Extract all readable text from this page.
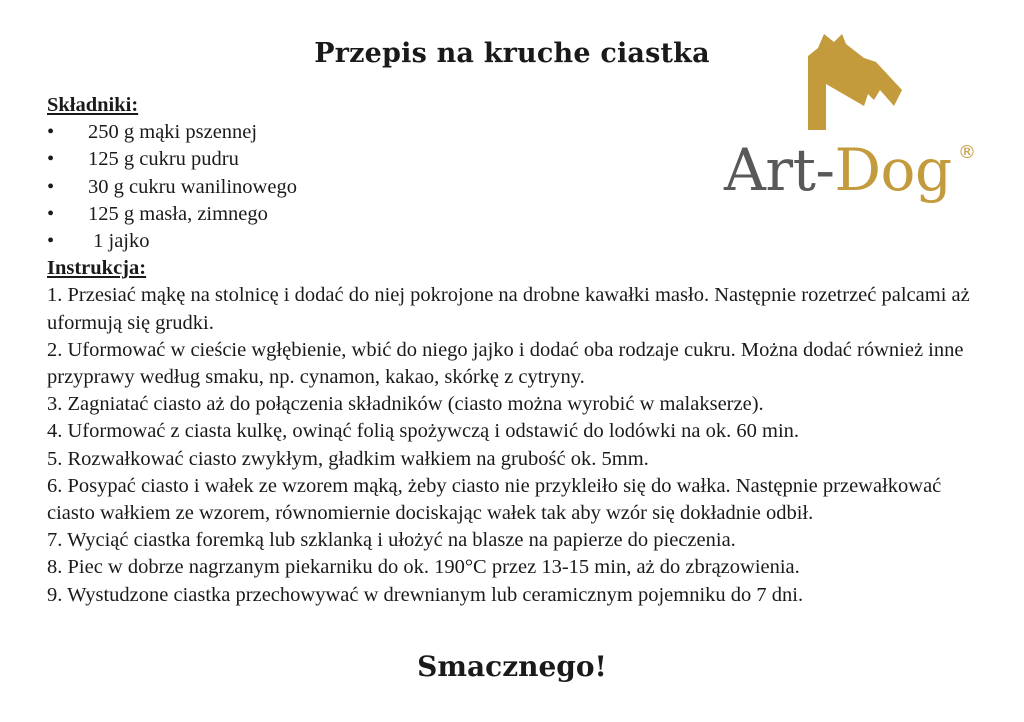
Przepis na kruche ciastka
Art-Dog ®
Składniki:
• 250 g mąki pszennej
• 125 g cukru pudru
• 30 g cukru wanilinowego
• 125 g masła, zimnego
• 1 jajko
Instrukcja:
1. Przesiać mąkę na stolnicę i dodać do niej pokrojone na drobne kawałki masło. Następnie rozetrzeć palcami aż uformują się grudki.
2. Uformować w cieście wgłębienie, wbić do niego jajko i dodać oba rodzaje cukru. Można dodać również inne przyprawy według smaku, np. cynamon, kakao, skórkę z cytryny.
3. Zagniatać ciasto aż do połączenia składników (ciasto można wyrobić w malakserze).
4. Uformować z ciasta kulkę, owinąć folią spożywczą i odstawić do lodówki na ok. 60 min.
5. Rozwałkować ciasto zwykłym, gładkim wałkiem na grubość ok. 5mm.
6. Posypać ciasto i wałek ze wzorem mąką, żeby ciasto nie przykleiło się do wałka. Następnie przewałkować ciasto wałkiem ze wzorem, równomiernie dociskając wałek tak aby wzór się dokładnie odbił.
7. Wyciąć ciastka foremką lub szklanką i ułożyć na blasze na papierze do pieczenia.
8. Piec w dobrze nagrzanym piekarniku do ok. 190°C przez 13-15 min, aż do zbrązowienia.
9. Wystudzone ciastka przechowywać w drewnianym lub ceramicznym pojemniku do 7 dni.
Smacznego!
